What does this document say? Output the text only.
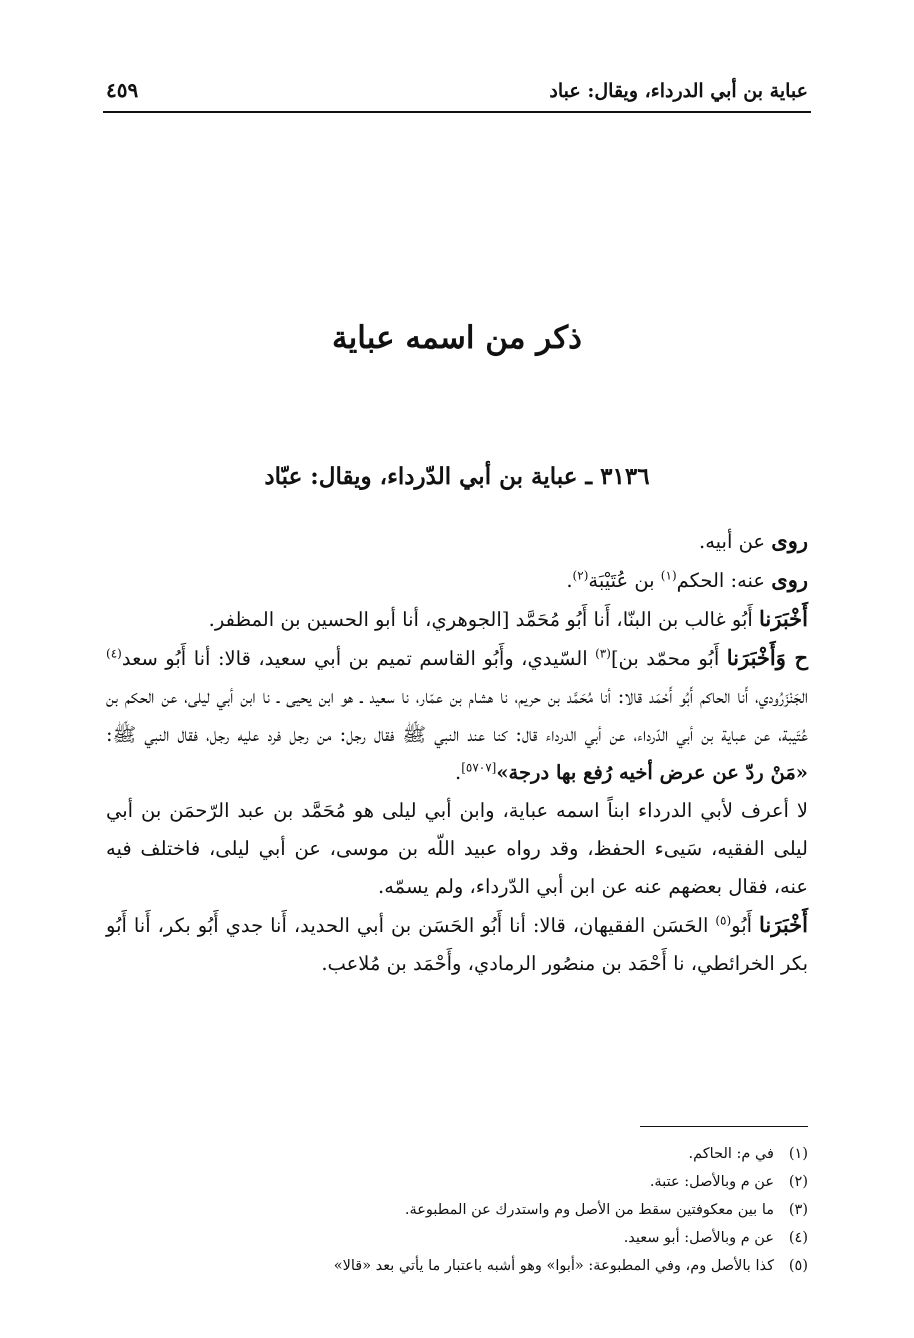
عباية بن أبي الدرداء، ويقال: عباد
٤٥٩
ذكر من اسمه عباية
٣١٣٦ ـ عباية بن أبي الدّرداء، ويقال: عبّاد

روى عن أبيه.

روى عنه: الحكم$^{(١)}$ بن عُتَيْبَة$^{(٢)}$.

أَخْبَرَنا أَبُو غالب بن البنّا، أَنا أَبُو مُحَمَّد [الجوهري، أنا أبو الحسين بن المظفر.

ح وَأَخْبَرَنا أَبُو محمّد بن]$^{(٣)}$ السّيدي، وأَبُو القاسم تميم بن أبي سعيد، قالا: أنا أَبُو سعد$^{(٤)}$ الجَنْزَرُودي، أَنا الحاكم أَبُو أَحْمَد قالا: أنا مُحَمَّد بن حريم، نا هشام بن عمّار، نا سعيد ـ هو ابن يحيى ـ نا ابن أبي ليلى، عن الحكم بن عُتَيبة، عن عباية بن أبي الدّرداء، عن أبي الدرداء قال: كنا عند النبي ﷺ فقال رجل: من رجل فرد عليه رجل، فقال النبي ﷺ: «مَنْ ردّ عن عرض أخيه رُفع بها درجة»[٥٧٠٧].

لا أعرف لأبي الدرداء ابناً اسمه عباية، وابن أبي ليلى هو مُحَمَّد بن عبد الرّحمَن بن أبي ليلى الفقيه، سَيىء الحفظ، وقد رواه عبيد اللّه بن موسى، عن أبي ليلى، فاختلف فيه عنه، فقال بعضهم عنه عن ابن أبي الدّرداء، ولم يسمّه.

أَخْبَرَنا أَبُو$^{(٥)}$ الحَسَن الفقيهان، قالا: أنا أَبُو الحَسَن بن أبي الحديد، أَنا جدي أَبُو بكر، أَنا أَبُو بكر الخرائطي، نا أَحْمَد بن منصُور الرمادي، وأَحْمَد بن مُلاعب.

(١)في م: الحاكم.
(٢)عن م وبالأصل: عتبة.
(٣)ما بين معكوفتين سقط من الأصل وم واستدرك عن المطبوعة.
(٤)عن م وبالأصل: أبو سعيد.
(٥)كذا بالأصل وم، وفي المطبوعة: «أبوا» وهو أشبه باعتبار ما يأتي بعد «قالا»
